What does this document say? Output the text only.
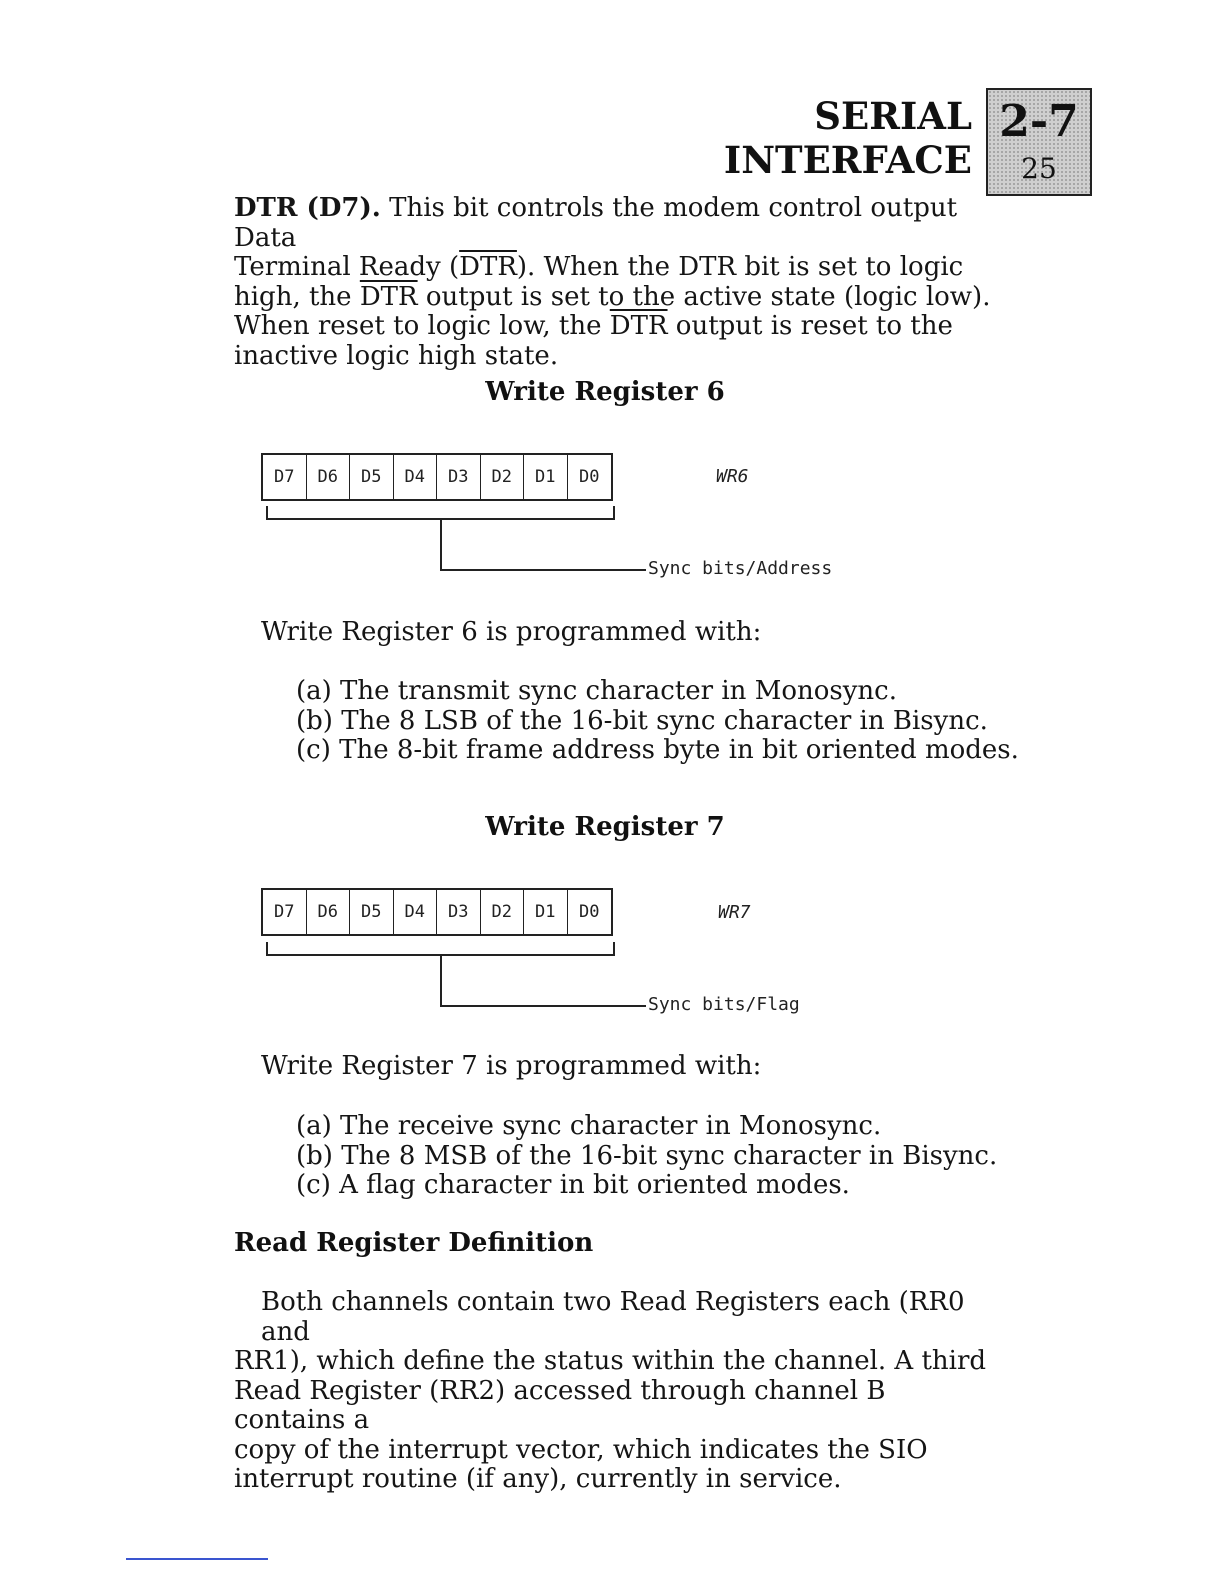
SERIAL INTERFACE
2-7
25
DTR (D7). This bit controls the modem control output Data
Terminal Ready $(\overline{DTR})$. When the DTR bit is set to logic
high, the $\overline{DTR}$ output is set to the active state (logic low).
When reset to logic low, the $\overline{DTR}$ output is reset to the
inactive logic high state.
Write Register 6
D7	D6	D5	D4	D3	D2	D1	D0	WR6
Sync bits/Address
Write Register 6 is programmed with:
(a) The transmit sync character in Monosync.
(b) The 8 LSB of the 16-bit sync character in Bisync.
(c) The 8-bit frame address byte in bit oriented modes.
Write Register 7
D7	D6	D5	D4	D3	D2	D1	D0	WR7
Sync bits/Flag
Write Register 7 is programmed with:
(a) The receive sync character in Monosync.
(b) The 8 MSB of the 16-bit sync character in Bisync.
(c) A flag character in bit oriented modes.
Read Register Definition
Both channels contain two Read Registers each (RR0 and
RR1), which define the status within the channel. A third
Read Register (RR2) accessed through channel B contains a
copy of the interrupt vector, which indicates the SIO
interrupt routine (if any), currently in service.
